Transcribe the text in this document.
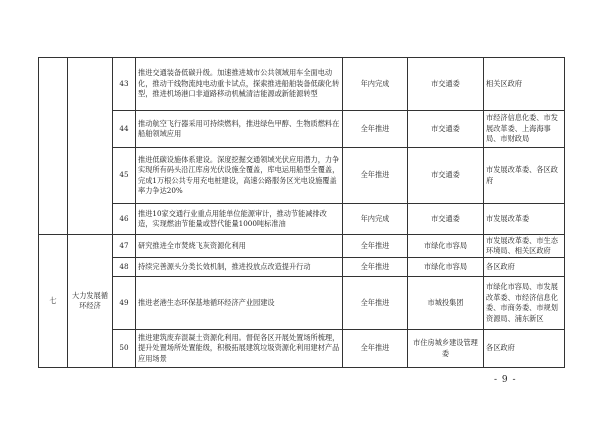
		43	推进交通装备低碳升级。加速推进城市公共领域用车全面电动化，推动干线物流纯电动重卡试点，探索推进船舶装备低碳化转型，推进机场港口非道路移动机械清洁能源或新能源转型	年内完成	市交通委	相关区政府
		44	推动航空飞行器采用可持续燃料，推进绿色甲醇、生物质燃料在船舶领域应用	全年推进	市交通委	市经济信息化委、市发展改革委、上海海事局、市财政局
		45	推进低碳设施体系建设。深度挖掘交通领域光伏应用潜力，力争实现所有码头沿江库房光伏设施全覆盖，库电运用船型全覆盖，完成1万根公共专用充电桩建设，高速公路服务区光电设施覆盖率力争达20%	全年推进	市交通委	市发展改革委、各区政府
		46	推进10家交通行业重点用能单位能源审计，推动节能减排改造，实现燃油节能量或替代能量1000吨标准油	年内完成	市交通委	市发展改革委
七	大力发展循环经济	47	研究推进全市焚烧飞灰资源化利用	全年推进	市绿化市容局	市发展改革委、市生态环境局、相关区政府
		48	持续完善源头分类长效机制，推进投放点改造提升行动	全年推进	市绿化市容局	各区政府
		49	推进老港生态环保基地循环经济产业园建设	全年推进	市城投集团	市绿化市容局、市发展改革委、市经济信息化委、市商务委、市规划资源局、浦东新区
		50	推进建筑废弃混凝土资源化利用。督促各区开展处置场所梳理，提升处置场所处置能级，积极拓展建筑垃圾资源化利用建材产品应用场景	全年推进	市住房城乡建设管理委	各区政府
- 9 -
